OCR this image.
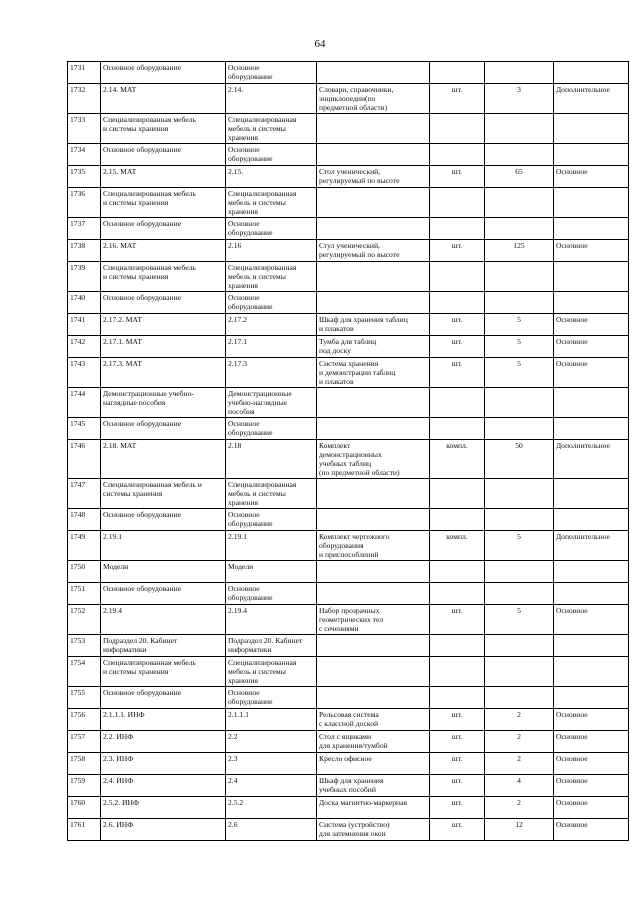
64
1731	Основное оборудование	Основное
оборудование				
1732	2.14. МАТ	2.14.	Словари, справочники,
энциклопедии(по
предметной области)	шт.	3	Дополнительное
1733	Специализированная мебель
и системы хранения	Специализированная
мебель и системы
хранения				
1734	Основное оборудование	Основное
оборудование				
1735	2.15. МАТ	2.15.	Стол ученический,
регулируемый по высоте	шт.	65	Основное
1736	Специализированная мебель
и системы хранения	Специализированная
мебель и системы
хранения				
1737	Основное оборудование	Основное
оборудование				
1738	2.16. МАТ	2.16	Стул ученический,
регулируемый по высоте	шт.	125	Основное
1739	Специализированная мебель
и системы хранения	Специализированная
мебель и системы
хранения				
1740	Основное оборудование	Основное
оборудование				
1741	2.17.2. МАТ	2.17.2	Шкаф для хранения таблиц
и плакатов	шт.	5	Основное
1742	2.17.1. МАТ	2.17.1	Тумба для таблиц
под доску	шт.	5	Основное
1743	2.17.3. МАТ	2.17.3	Система хранения
и демонстрации таблиц
и плакатов	шт.	5	Основное
1744	Демонстрационные учебно-
наглядные пособия	Демонстрационные
учебно-наглядные
пособия				
1745	Основное оборудование	Основное
оборудование				
1746	2.18. МАТ	2.18	Комплект
демонстрационных
учебных таблиц
(по предметной области)	компл.	50	Дополнительное
1747	Специализированная мебель и
системы хранения	Специализированная
мебель и системы
хранения				
1748	Основное оборудование	Основное
оборудование				
1749	2.19.1	2.19.1	Комплект чертежного
оборудования
и приспособлений	компл.	5	Дополнительное
1750	Модели	Модели				
1751	Основное оборудование	Основное
оборудование				
1752	2.19.4	2.19.4	Набор прозрачных
геометрических тел
с сечениями	шт.	5	Основное
1753	Подраздел 20. Кабинет
информатики	Подраздел 20. Кабинет
информатики				
1754	Специализированная мебель
и системы хранения	Специализированная
мебель и системы
хранения				
1755	Основное оборудование	Основное
оборудование				
1756	2.1.1.1. ИНФ	2.1.1.1	Рельсовая система
с классной доской	шт.	2	Основное
1757	2.2. ИНФ	2.2	Стол с ящиками
для хранения/тумбой	шт.	2	Основное
1758	2.3. ИНФ	2.3	Кресло офисное	шт.	2	Основное
1759	2.4. ИНФ	2.4	Шкаф для хранения
учебных пособий	шт.	4	Основное
1760	2.5.2. ИНФ	2.5.2	Доска магнитно-маркерная	шт.	2	Основное
1761	2.6. ИНФ	2.6	Система (устройство)
для затемнения окон	шт.	12	Основное
